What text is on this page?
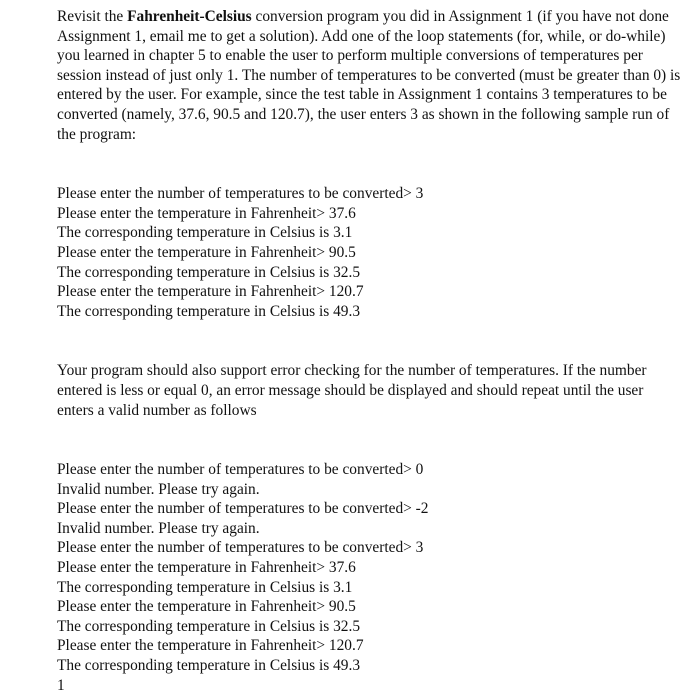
Revisit the Fahrenheit-Celsius conversion program you did in Assignment 1 (if you have not done Assignment 1, email me to get a solution). Add one of the loop statements (for, while, or do-while) you learned in chapter 5 to enable the user to perform multiple conversions of temperatures per session instead of just only 1. The number of temperatures to be converted (must be greater than 0) is entered by the user. For example, since the test table in Assignment 1 contains 3 temperatures to be converted (namely, 37.6, 90.5 and 120.7), the user enters 3 as shown in the following sample run of the program:

Please enter the number of temperatures to be converted> 3
Please enter the temperature in Fahrenheit> 37.6
The corresponding temperature in Celsius is 3.1
Please enter the temperature in Fahrenheit> 90.5
The corresponding temperature in Celsius is 32.5
Please enter the temperature in Fahrenheit> 120.7
The corresponding temperature in Celsius is 49.3

Your program should also support error checking for the number of temperatures. If the number entered is less or equal 0, an error message should be displayed and should repeat until the user enters a valid number as follows

Please enter the number of temperatures to be converted> 0
Invalid number. Please try again.
Please enter the number of temperatures to be converted> -2
Invalid number. Please try again.
Please enter the number of temperatures to be converted> 3
Please enter the temperature in Fahrenheit> 37.6
The corresponding temperature in Celsius is 3.1
Please enter the temperature in Fahrenheit> 90.5
The corresponding temperature in Celsius is 32.5
Please enter the temperature in Fahrenheit> 120.7
The corresponding temperature in Celsius is 49.3
1
